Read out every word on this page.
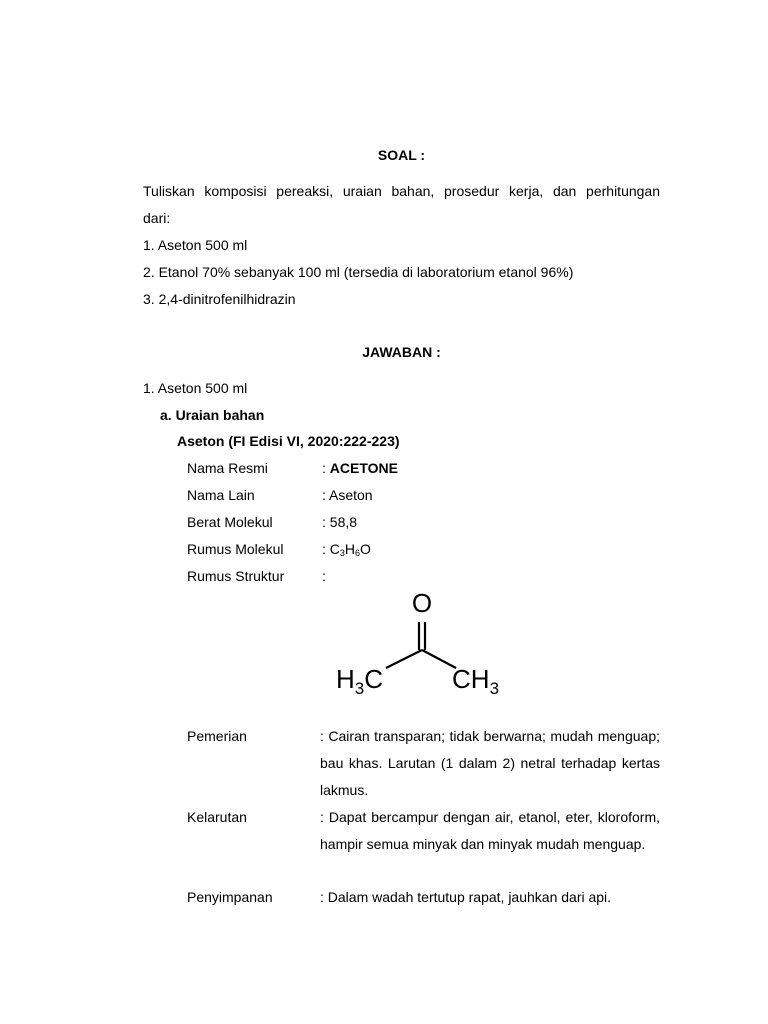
SOAL :
Tuliskan komposisi pereaksi, uraian bahan, prosedur kerja, dan perhitungan
dari:
1. Aseton 500 ml
2. Etanol 70% sebanyak 100 ml (tersedia di laboratorium etanol 96%)
3. 2,4-dinitrofenilhidrazin
JAWABAN :
1. Aseton 500 ml
a. Uraian bahan
Aseton (FI Edisi VI, 2020:222-223)
Nama Resmi	: ACETONE
Nama Lain	: Aseton
Berat Molekul	: 58,8
Rumus Molekul	: $C_3H_6O$
Rumus Struktur	:
O
$H_3C$	$CH_3$
Pemerian	: Cairan transparan; tidak berwarna; mudah menguap; bau khas. Larutan (1 dalam 2) netral terhadap kertas lakmus.
Kelarutan	: Dapat bercampur dengan air, etanol, eter, kloroform, hampir semua minyak dan minyak mudah menguap.
Penyimpanan	: Dalam wadah tertutup rapat, jauhkan dari api.
